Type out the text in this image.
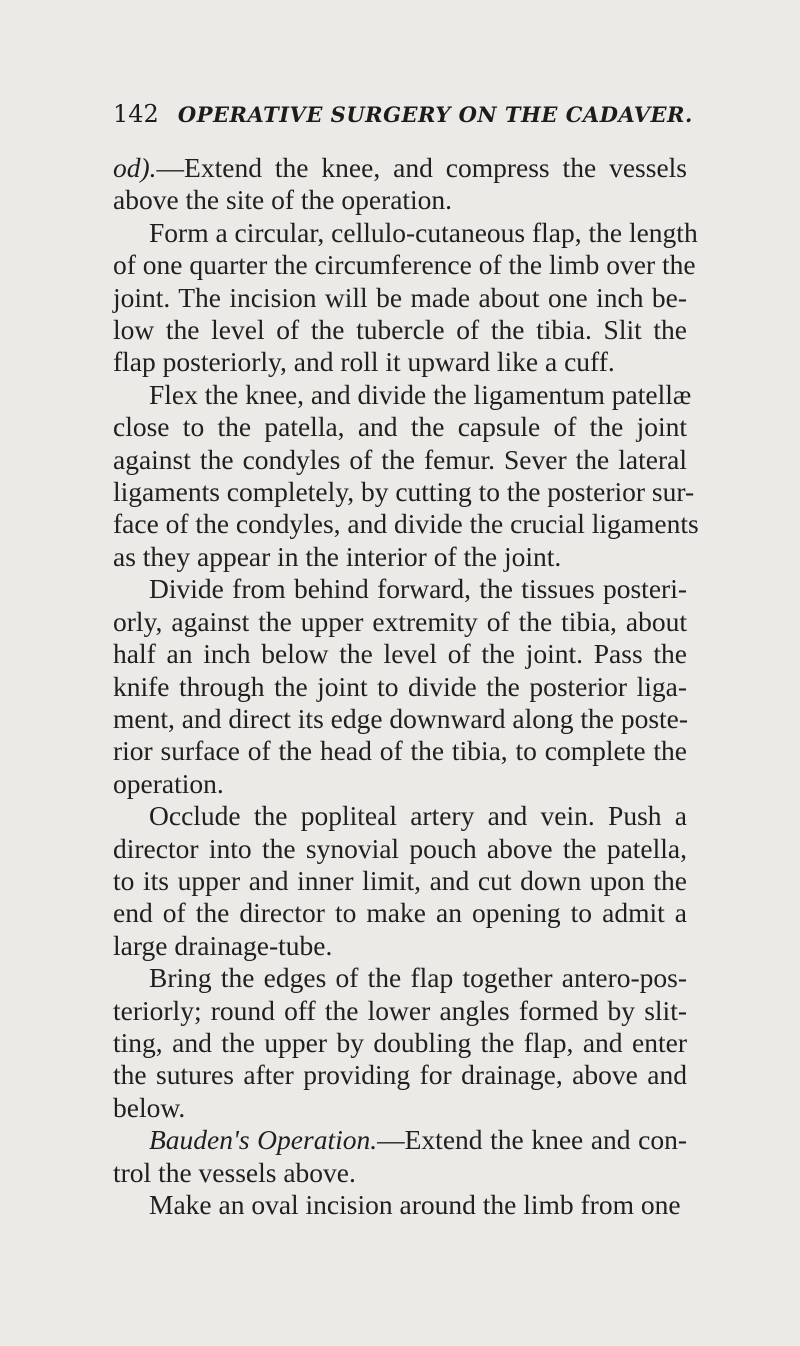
142 OPERATIVE SURGERY ON THE CADAVER.
od).—Extend the knee, and compress the vessels
above the site of the operation.
Form a circular, cellulo-cutaneous flap, the length
of one quarter the circumference of the limb over the
joint. The incision will be made about one inch be-
low the level of the tubercle of the tibia. Slit the
flap posteriorly, and roll it upward like a cuff.
Flex the knee, and divide the ligamentum patellæ
close to the patella, and the capsule of the joint
against the condyles of the femur. Sever the lateral
ligaments completely, by cutting to the posterior sur-
face of the condyles, and divide the crucial ligaments
as they appear in the interior of the joint.
Divide from behind forward, the tissues posteri-
orly, against the upper extremity of the tibia, about
half an inch below the level of the joint. Pass the
knife through the joint to divide the posterior liga-
ment, and direct its edge downward along the poste-
rior surface of the head of the tibia, to complete the
operation.
Occlude the popliteal artery and vein. Push a
director into the synovial pouch above the patella,
to its upper and inner limit, and cut down upon the
end of the director to make an opening to admit a
large drainage-tube.
Bring the edges of the flap together antero-pos-
teriorly; round off the lower angles formed by slit-
ting, and the upper by doubling the flap, and enter
the sutures after providing for drainage, above and
below.
Bauden's Operation.—Extend the knee and con-
trol the vessels above.
Make an oval incision around the limb from one
